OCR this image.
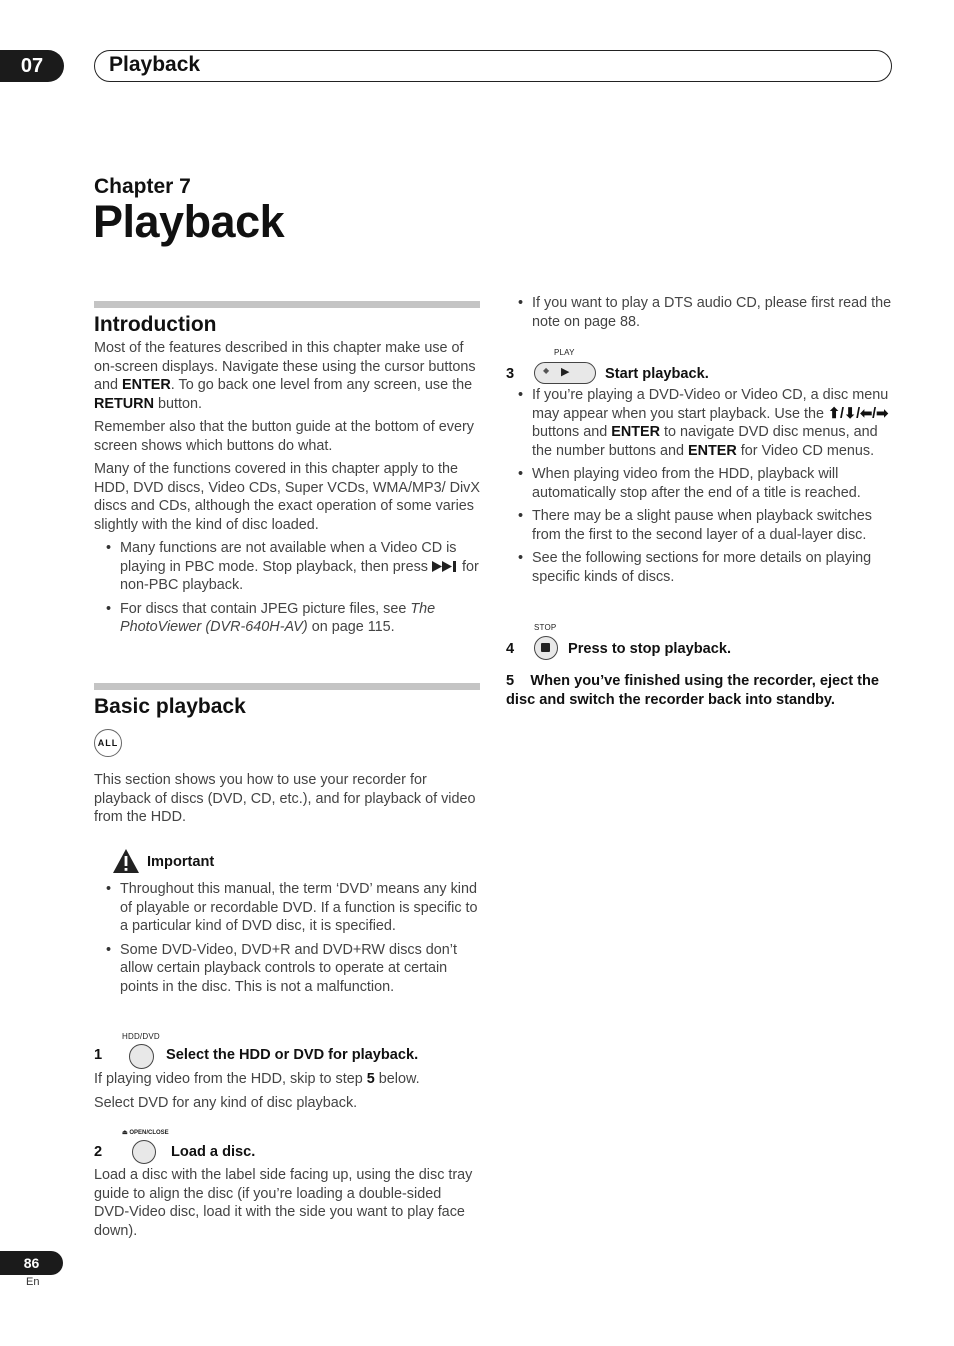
07	Playback
Chapter 7
Playback
Introduction

Most of the features described in this chapter make use of on-screen displays. Navigate these using the cursor buttons and ENTER. To go back one level from any screen, use the RETURN button.

Remember also that the button guide at the bottom of every screen shows which buttons do what.

Many of the functions covered in this chapter apply to the HDD, DVD discs, Video CDs, Super VCDs, WMA/MP3/ DivX discs and CDs, although the exact operation of some varies slightly with the kind of disc loaded.

• Many functions are not available when a Video CD is playing in PBC mode. Stop playback, then press  for non-PBC playback.
• For discs that contain JPEG picture files, see The PhotoViewer (DVR-640H-AV) on page 115.
Basic playback
ALL

This section shows you how to use your recorder for playback of discs (DVD, CD, etc.), and for playback of video from the HDD.

Important
• Throughout this manual, the term ‘DVD’ means any kind of playable or recordable DVD. If a function is specific to a particular kind of DVD disc, it is specified.
• Some DVD-Video, DVD+R and DVD+RW discs don’t allow certain playback controls to operate at certain points in the disc. This is not a malfunction.
HDD/DVD
1	Select the HDD or DVD for playback.

If playing video from the HDD, skip to step 5 below.

Select DVD for any kind of disc playback.

⏏ OPEN/CLOSE
2	Load a disc.

Load a disc with the label side facing up, using the disc tray guide to align the disc (if you’re loading a double-sided DVD-Video disc, load it with the side you want to play face down).

• If you want to play a DTS audio CD, please first read the note on page 88.
PLAY
3	◆ ▶ Start playback.
• If you’re playing a DVD-Video or Video CD, a disc menu may appear when you start playback. Use the ⬆/⬇/⬅/➡ buttons and ENTER to navigate DVD disc menus, and the number buttons and ENTER for Video CD menus.
• When playing video from the HDD, playback will automatically stop after the end of a title is reached.
• There may be a slight pause when playback switches from the first to the second layer of a dual-layer disc.
• See the following sections for more details on playing specific kinds of discs.
STOP
4	Press to stop playback.
5 When you’ve finished using the recorder, eject the disc and switch the recorder back into standby.
86
En
